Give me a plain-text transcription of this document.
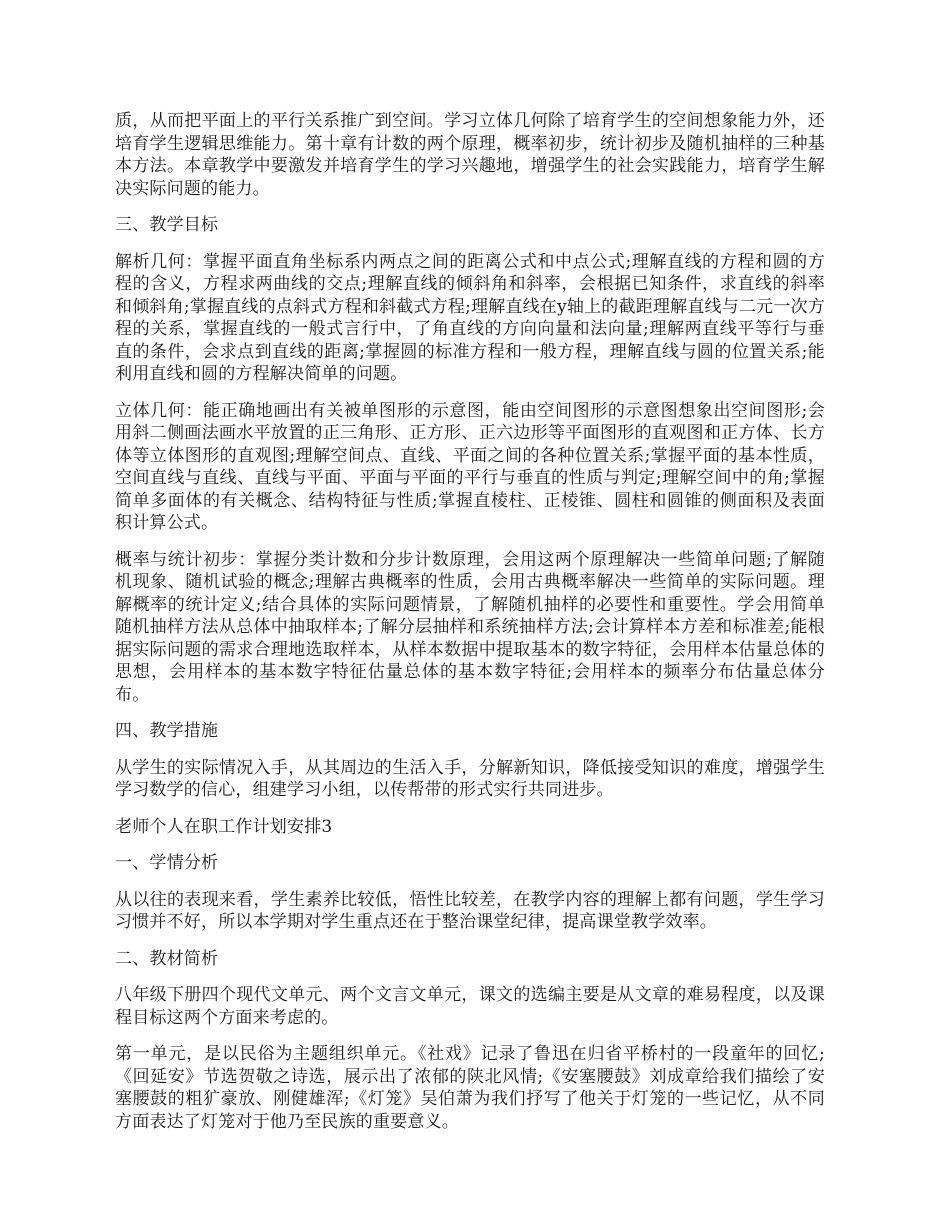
质，从而把平面上的平行关系推广到空间。学习立体几何除了培育学生的空间想象能力外，还培育学生逻辑思维能力。第十章有计数的两个原理，概率初步，统计初步及随机抽样的三种基本方法。本章教学中要激发并培育学生的学习兴趣地，增强学生的社会实践能力，培育学生解决实际问题的能力。

三、教学目标

解析几何：掌握平面直角坐标系内两点之间的距离公式和中点公式;理解直线的方程和圆的方程的含义，方程求两曲线的交点;理解直线的倾斜角和斜率，会根据已知条件，求直线的斜率和倾斜角;掌握直线的点斜式方程和斜截式方程;理解直线在y轴上的截距理解直线与二元一次方程的关系，掌握直线的一般式言行中，了角直线的方向向量和法向量;理解两直线平等行与垂直的条件，会求点到直线的距离;掌握圆的标准方程和一般方程，理解直线与圆的位置关系;能利用直线和圆的方程解决简单的问题。

立体几何：能正确地画出有关被单图形的示意图，能由空间图形的示意图想象出空间图形;会用斜二侧画法画水平放置的正三角形、正方形、正六边形等平面图形的直观图和正方体、长方体等立体图形的直观图;理解空间点、直线、平面之间的各种位置关系;掌握平面的基本性质，空间直线与直线、直线与平面、平面与平面的平行与垂直的性质与判定;理解空间中的角;掌握简单多面体的有关概念、结构特征与性质;掌握直棱柱、正棱锥、圆柱和圆锥的侧面积及表面积计算公式。

概率与统计初步：掌握分类计数和分步计数原理，会用这两个原理解决一些简单问题;了解随机现象、随机试验的概念;理解古典概率的性质，会用古典概率解决一些简单的实际问题。理解概率的统计定义;结合具体的实际问题情景，了解随机抽样的必要性和重要性。学会用简单随机抽样方法从总体中抽取样本;了解分层抽样和系统抽样方法;会计算样本方差和标准差;能根据实际问题的需求合理地选取样本，从样本数据中提取基本的数字特征，会用样本估量总体的思想，会用样本的基本数字特征估量总体的基本数字特征;会用样本的频率分布估量总体分布。

四、教学措施

从学生的实际情况入手，从其周边的生活入手，分解新知识，降低接受知识的难度，增强学生学习数学的信心，组建学习小组，以传帮带的形式实行共同进步。

老师个人在职工作计划安排3

一、学情分析

从以往的表现来看，学生素养比较低，悟性比较差，在教学内容的理解上都有问题，学生学习习惯并不好，所以本学期对学生重点还在于整治课堂纪律，提高课堂教学效率。

二、教材简析

八年级下册四个现代文单元、两个文言文单元，课文的选编主要是从文章的难易程度，以及课程目标这两个方面来考虑的。

第一单元，是以民俗为主题组织单元。《社戏》记录了鲁迅在归省平桥村的一段童年的回忆;《回延安》节选贺敬之诗选，展示出了浓郁的陕北风情;《安塞腰鼓》刘成章给我们描绘了安塞腰鼓的粗犷豪放、刚健雄浑;《灯笼》吴伯萧为我们抒写了他关于灯笼的一些记忆，从不同方面表达了灯笼对于他乃至民族的重要意义。
